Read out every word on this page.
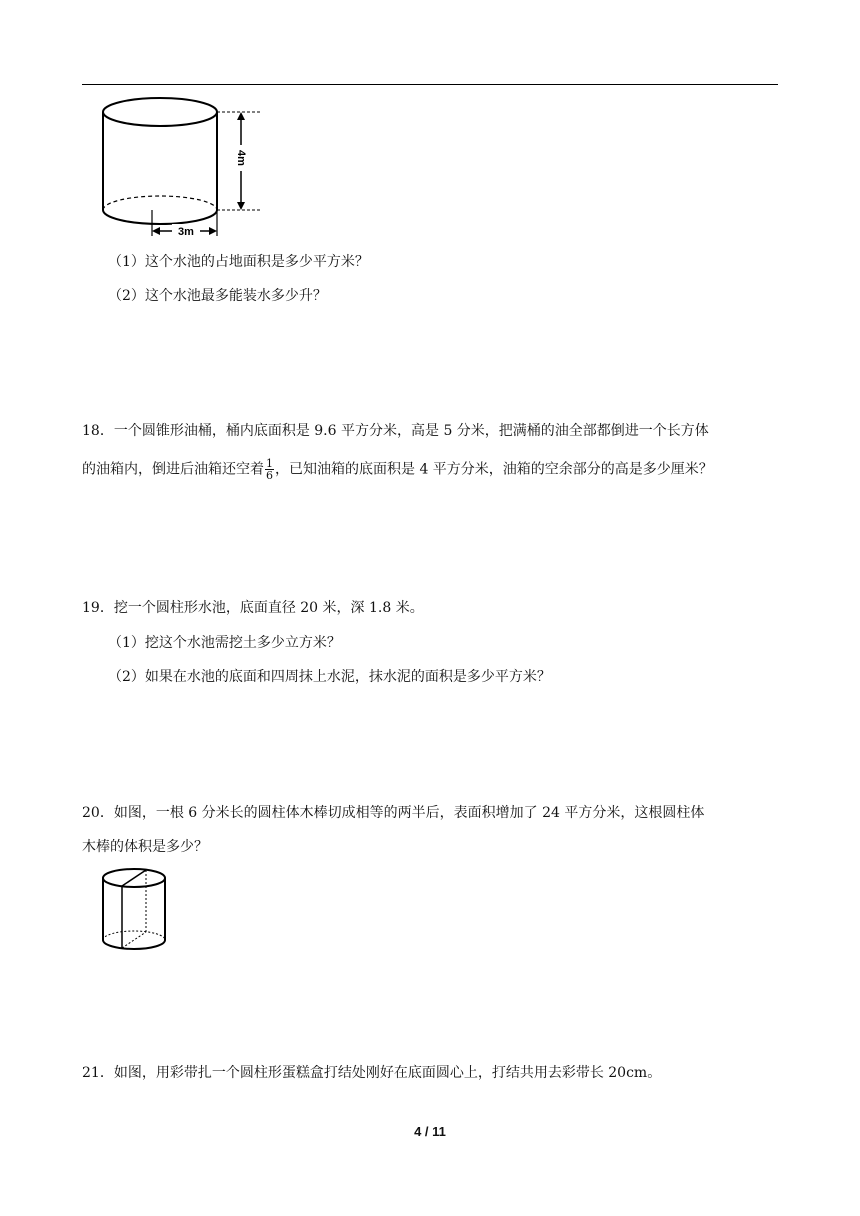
4m
3m
（1）这个水池的占地面积是多少平方米？
（2）这个水池最多能装水多少升？
18．一个圆锥形油桶，桶内底面积是 9.6 平方分米，高是 5 分米，把满桶的油全部都倒进一个长方体
的油箱内，倒进后油箱还空着 $\frac{1}{6}$ ，已知油箱的底面积是 4 平方分米，油箱的空余部分的高是多少厘米？
19．挖一个圆柱形水池，底面直径 20 米，深 1.8 米。
（1）挖这个水池需挖土多少立方米？
（2）如果在水池的底面和四周抹上水泥，抹水泥的面积是多少平方米？
20．如图，一根 6 分米长的圆柱体木棒切成相等的两半后，表面积增加了 24 平方分米，这根圆柱体
木棒的体积是多少？
21．如图，用彩带扎一个圆柱形蛋糕盒打结处刚好在底面圆心上，打结共用去彩带长 20cm。
4 / 11
